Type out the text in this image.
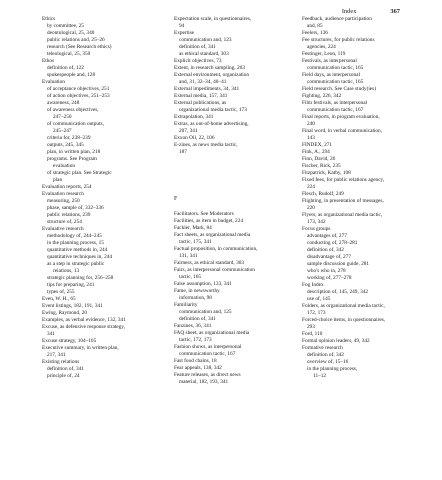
Index	367
Ethics
by committee, 25
deontological, 25, 340
public relations and, 25–26
research (See Research ethics)
teleological, 25, 350
Ethos
definition of, 122
spokespeople and, 128
Evaluation
of acceptance objectives, 251
of action objectives, 251–253
awareness, 248
of awareness objectives,
247–250
of communication outputs,
245–247
criteria for, 238–239
outputs, 245, 345
plan, in written plan, 218
programs. See Program
evaluation
of strategic plan. See Strategic
plan
Evaluation reports, 254
Evaluation research
measuring, 250
phase, sample of, 332–336
public relations, 239
structure of, 254
Evaluative research
methodology of, 244–245
in the planning process, 15
quantitative methods in, 244
quantitative techniques in, 244
as a step in strategic public
relations, 13
strategic planning for, 256–258
tips for preparing, 241
types of, 255
Even, W. H., 65
Event listings, 182, 191, 341
Ewing, Raymond, 20
Examples, as verbal evidence, 132, 341
Excuse, as defensive response strategy,
341
Excuse strategy, 104–105
Executive summary, in written plan,
217, 341
Existing relations
definition of, 341
principle of, 24
Expectation scale, in questionnaires,
94
Expertise
communication and, 123
definition of, 341
as ethical standard, 303
Explicit objectives, 73
Extent, in research sampling, 263
External environment, organization
and, 31, 32–34, 40–41
External impediments, 34, 341
External media, 157, 341
External publications, as
organizational media tactic, 173
Extrapolation, 341
Extras, as out-of-home advertising,
207, 341
Exxon Oil, 22, 106
E-zines, as news media tactic,
187
F
Facilitators. See Moderators
Facilities, as item in budget, 224
Fackler, Mark, 84
Fact sheets, as organizational media
tactic, 175, 341
Factual proposition, in communication,
131, 341
Fairness, as ethical standard, 303
Fairs, as interpersonal communication
tactic, 165
False assumption, 133, 341
Fame, in newsworthy
information, 98
Familiarity
communication and, 125
definition of, 341
Fanzines, 36, 341
FAQ sheet, as organizational media
tactic, 172, 173
Fashion shows, as interpersonal
communication tactic, 167
Fast food chains, 18
Fear appeals, 138, 342
Feature releases, as direct news
material, 182, 193, 341
Feedback, audience participation
and, 85
Feelers, 136
Fee structures, for public relations
agencies, 224
Festinger, Leon, 119
Festivals, as interpersonal
communication tactic, 165
Field days, as interpersonal
communication tactic, 165
Field research. See Case study(ies)
Fighting, 226, 342
Film festivals, as interpersonal
communication tactic, 167
Final reports, in program evaluation,
240
Final word, in verbal communication,
143
FINDEX, 271
Fink, A., 294
Finn, David, 26
Fischer, Rick, 235
Fitzpatrick, Kathy, 108
Fixed fees, for public relations agency,
224
Flesch, Rudolf, 249
Flighting, in presentation of messages,
220
Flyers, as organizational media tactic,
173, 342
Focus groups
advantages of, 277
conducting of, 278–281
definition of, 342
disadvantage of, 277
sample discussion guide, 281
who's who in, 278
working of, 277–278
Fog Index
description of, 145, 249, 342
use of, 145
Folders, as organizational media tactic,
172, 173
Forced-choice items, in questionnaires,
293
Ford, 110
Formal opinion leaders, 49, 342
Formative research
definition of, 342
overview of, 15–16
in the planning process,
11–12
